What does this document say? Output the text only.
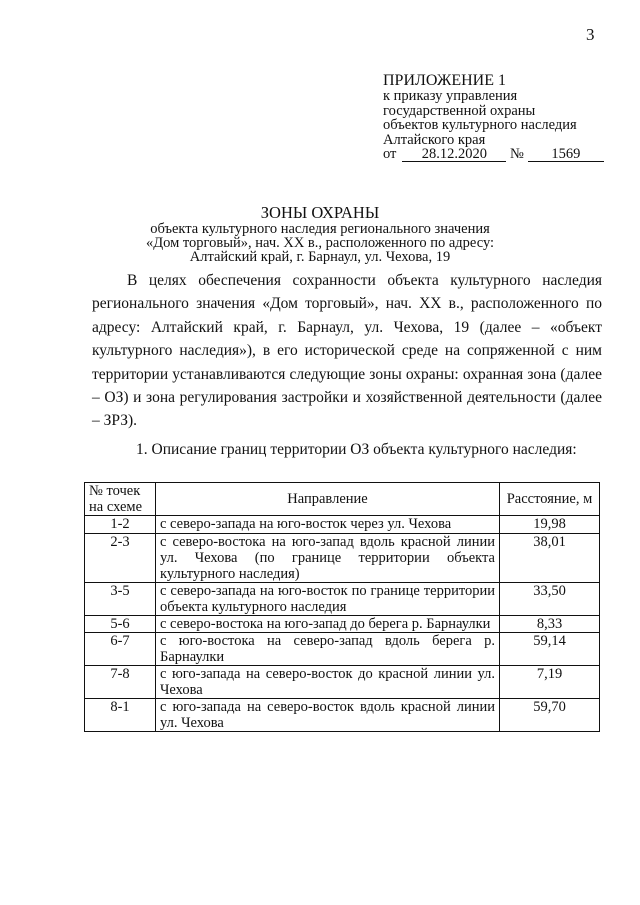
3
ПРИЛОЖЕНИЕ 1
к приказу управления
государственной охраны
объектов культурного наследия
Алтайского края
от 28.12.2020 № 1569
ЗОНЫ ОХРАНЫ
объекта культурного наследия регионального значения
«Дом торговый», нач. XX в., расположенного по адресу:
Алтайский край, г. Барнаул, ул. Чехова, 19

В целях обеспечения сохранности объекта культурного наследия регионального значения «Дом торговый», нач. XX в., расположенного по адресу: Алтайский край, г. Барнаул, ул. Чехова, 19 (далее – «объект культурного наследия»), в его исторической среде на сопряженной с ним территории устанавливаются следующие зоны охраны: охранная зона (далее – ОЗ) и зона регулирования застройки и хозяйственной деятельности (далее – ЗРЗ).

1. Описание границ территории ОЗ объекта культурного наследия:
№ точек
на схеме	Направление	Расстояние, м
1-2	с северо-запада на юго-восток через ул. Чехова	19,98
2-3	с северо-востока на юго-запад вдоль красной линии ул. Чехова (по границе территории объекта культурного наследия)	38,01
3-5	с северо-запада на юго-восток по границе территории объекта культурного наследия	33,50
5-6	с северо-востока на юго-запад до берега р. Барнаулки	8,33
6-7	с юго-востока на северо-запад вдоль берега р. Барнаулки	59,14
7-8	с юго-запада на северо-восток до красной линии ул. Чехова	7,19
8-1	с юго-запада на северо-восток вдоль красной линии ул. Чехова	59,70
